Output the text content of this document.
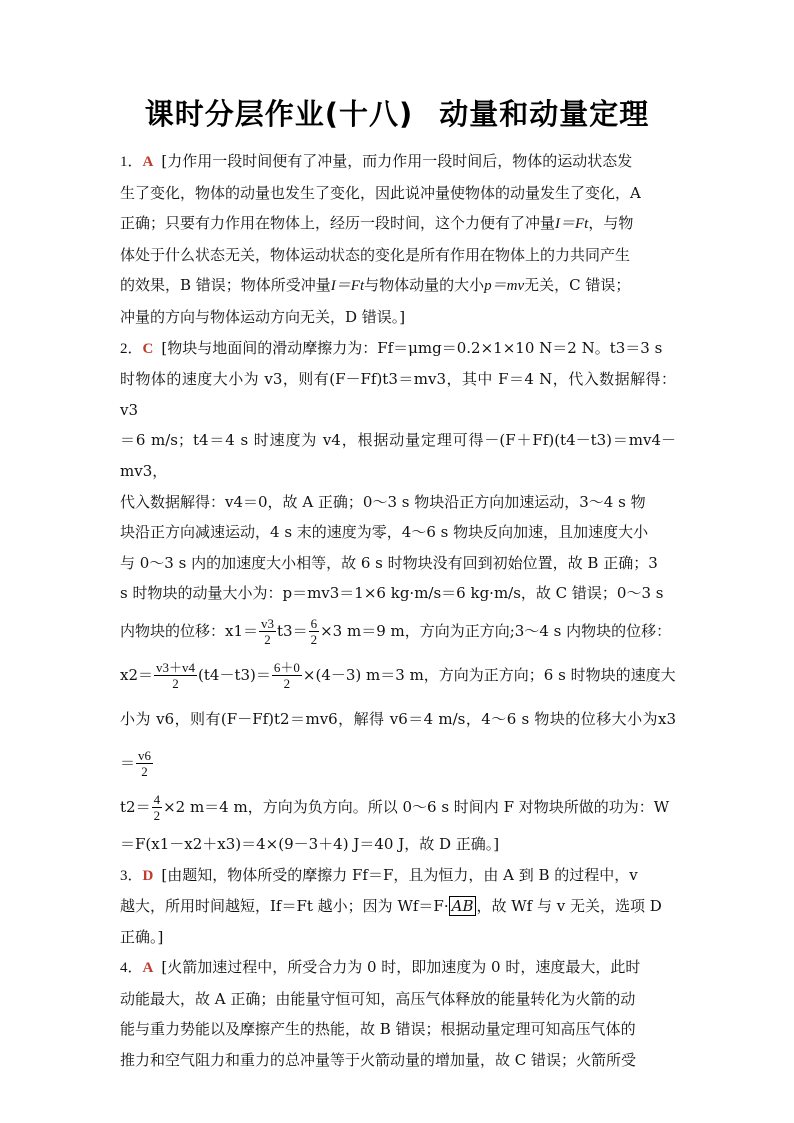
课时分层作业(十八) 动量和动量定理

1．A [力作用一段时间便有了冲量，而力作用一段时间后，物体的运动状态发

生了变化，物体的动量也发生了变化，因此说冲量使物体的动量发生了变化，A

正确；只要有力作用在物体上，经历一段时间，这个力便有了冲量I＝Ft，与物

体处于什么状态无关，物体运动状态的变化是所有作用在物体上的力共同产生

的效果，B 错误；物体所受冲量I＝Ft与物体动量的大小p＝mv无关，C 错误；

冲量的方向与物体运动方向无关，D 错误。]

2．C [物块与地面间的滑动摩擦力为：Ff＝μmg＝0.2×1×10 N＝2 N。t3＝3 s

时物体的速度大小为 v3，则有(F－Ff)t3＝mv3，其中 F＝4 N，代入数据解得：v3

＝6 m/s；t4＝4 s 时速度为 v4，根据动量定理可得－(F＋Ff)(t4－t3)＝mv4－mv3，

代入数据解得：v4＝0，故 A 正确；0～3 s 物块沿正方向加速运动，3～4 s 物

块沿正方向减速运动，4 s 末的速度为零，4～6 s 物块反向加速，且加速度大小

与 0～3 s 内的加速度大小相等，故 6 s 时物块没有回到初始位置，故 B 正确；3

s 时物块的动量大小为：p＝mv3＝1×6 kg·m/s＝6 kg·m/s，故 C 错误；0～3 s

内物块的位移：$x1= \frac{v3}{2} t3= \frac{6}{2} \times 3$ m＝9 m，方向为正方向;3～4 s 内物块的位移：

$x2= \frac{v3+v4}{2} (t4-t3)= \frac{6+0}{2} \times(4-3)$ m＝3 m，方向为正方向；6 s 时物块的速度大

小为 v6，则有(F－Ff)t2＝mv6，解得 v6＝4 m/s，4～6 s 物块的位移大小为$x3= \frac{v6}{2}$

$t2= \frac{4}{2} \times 2$ m＝4 m，方向为负方向。所以 0～6 s 时间内 F 对物块所做的功为：W

＝F(x1－x2＋x3)＝4×(9－3＋4) J＝40 J，故 D 正确。]

3．D [由题知，物体所受的摩擦力 Ff＝F，且为恒力，由 A 到 B 的过程中，v

越大，所用时间越短，If＝Ft 越小；因为 Wf＝F· AB ，故 Wf 与 v 无关，选项 D

正确。]

4．A [火箭加速过程中，所受合力为 0 时，即加速度为 0 时，速度最大，此时

动能最大，故 A 正确；由能量守恒可知，高压气体释放的能量转化为火箭的动

能与重力势能以及摩擦产生的热能，故 B 错误；根据动量定理可知高压气体的

推力和空气阻力和重力的总冲量等于火箭动量的增加量，故 C 错误；火箭所受
